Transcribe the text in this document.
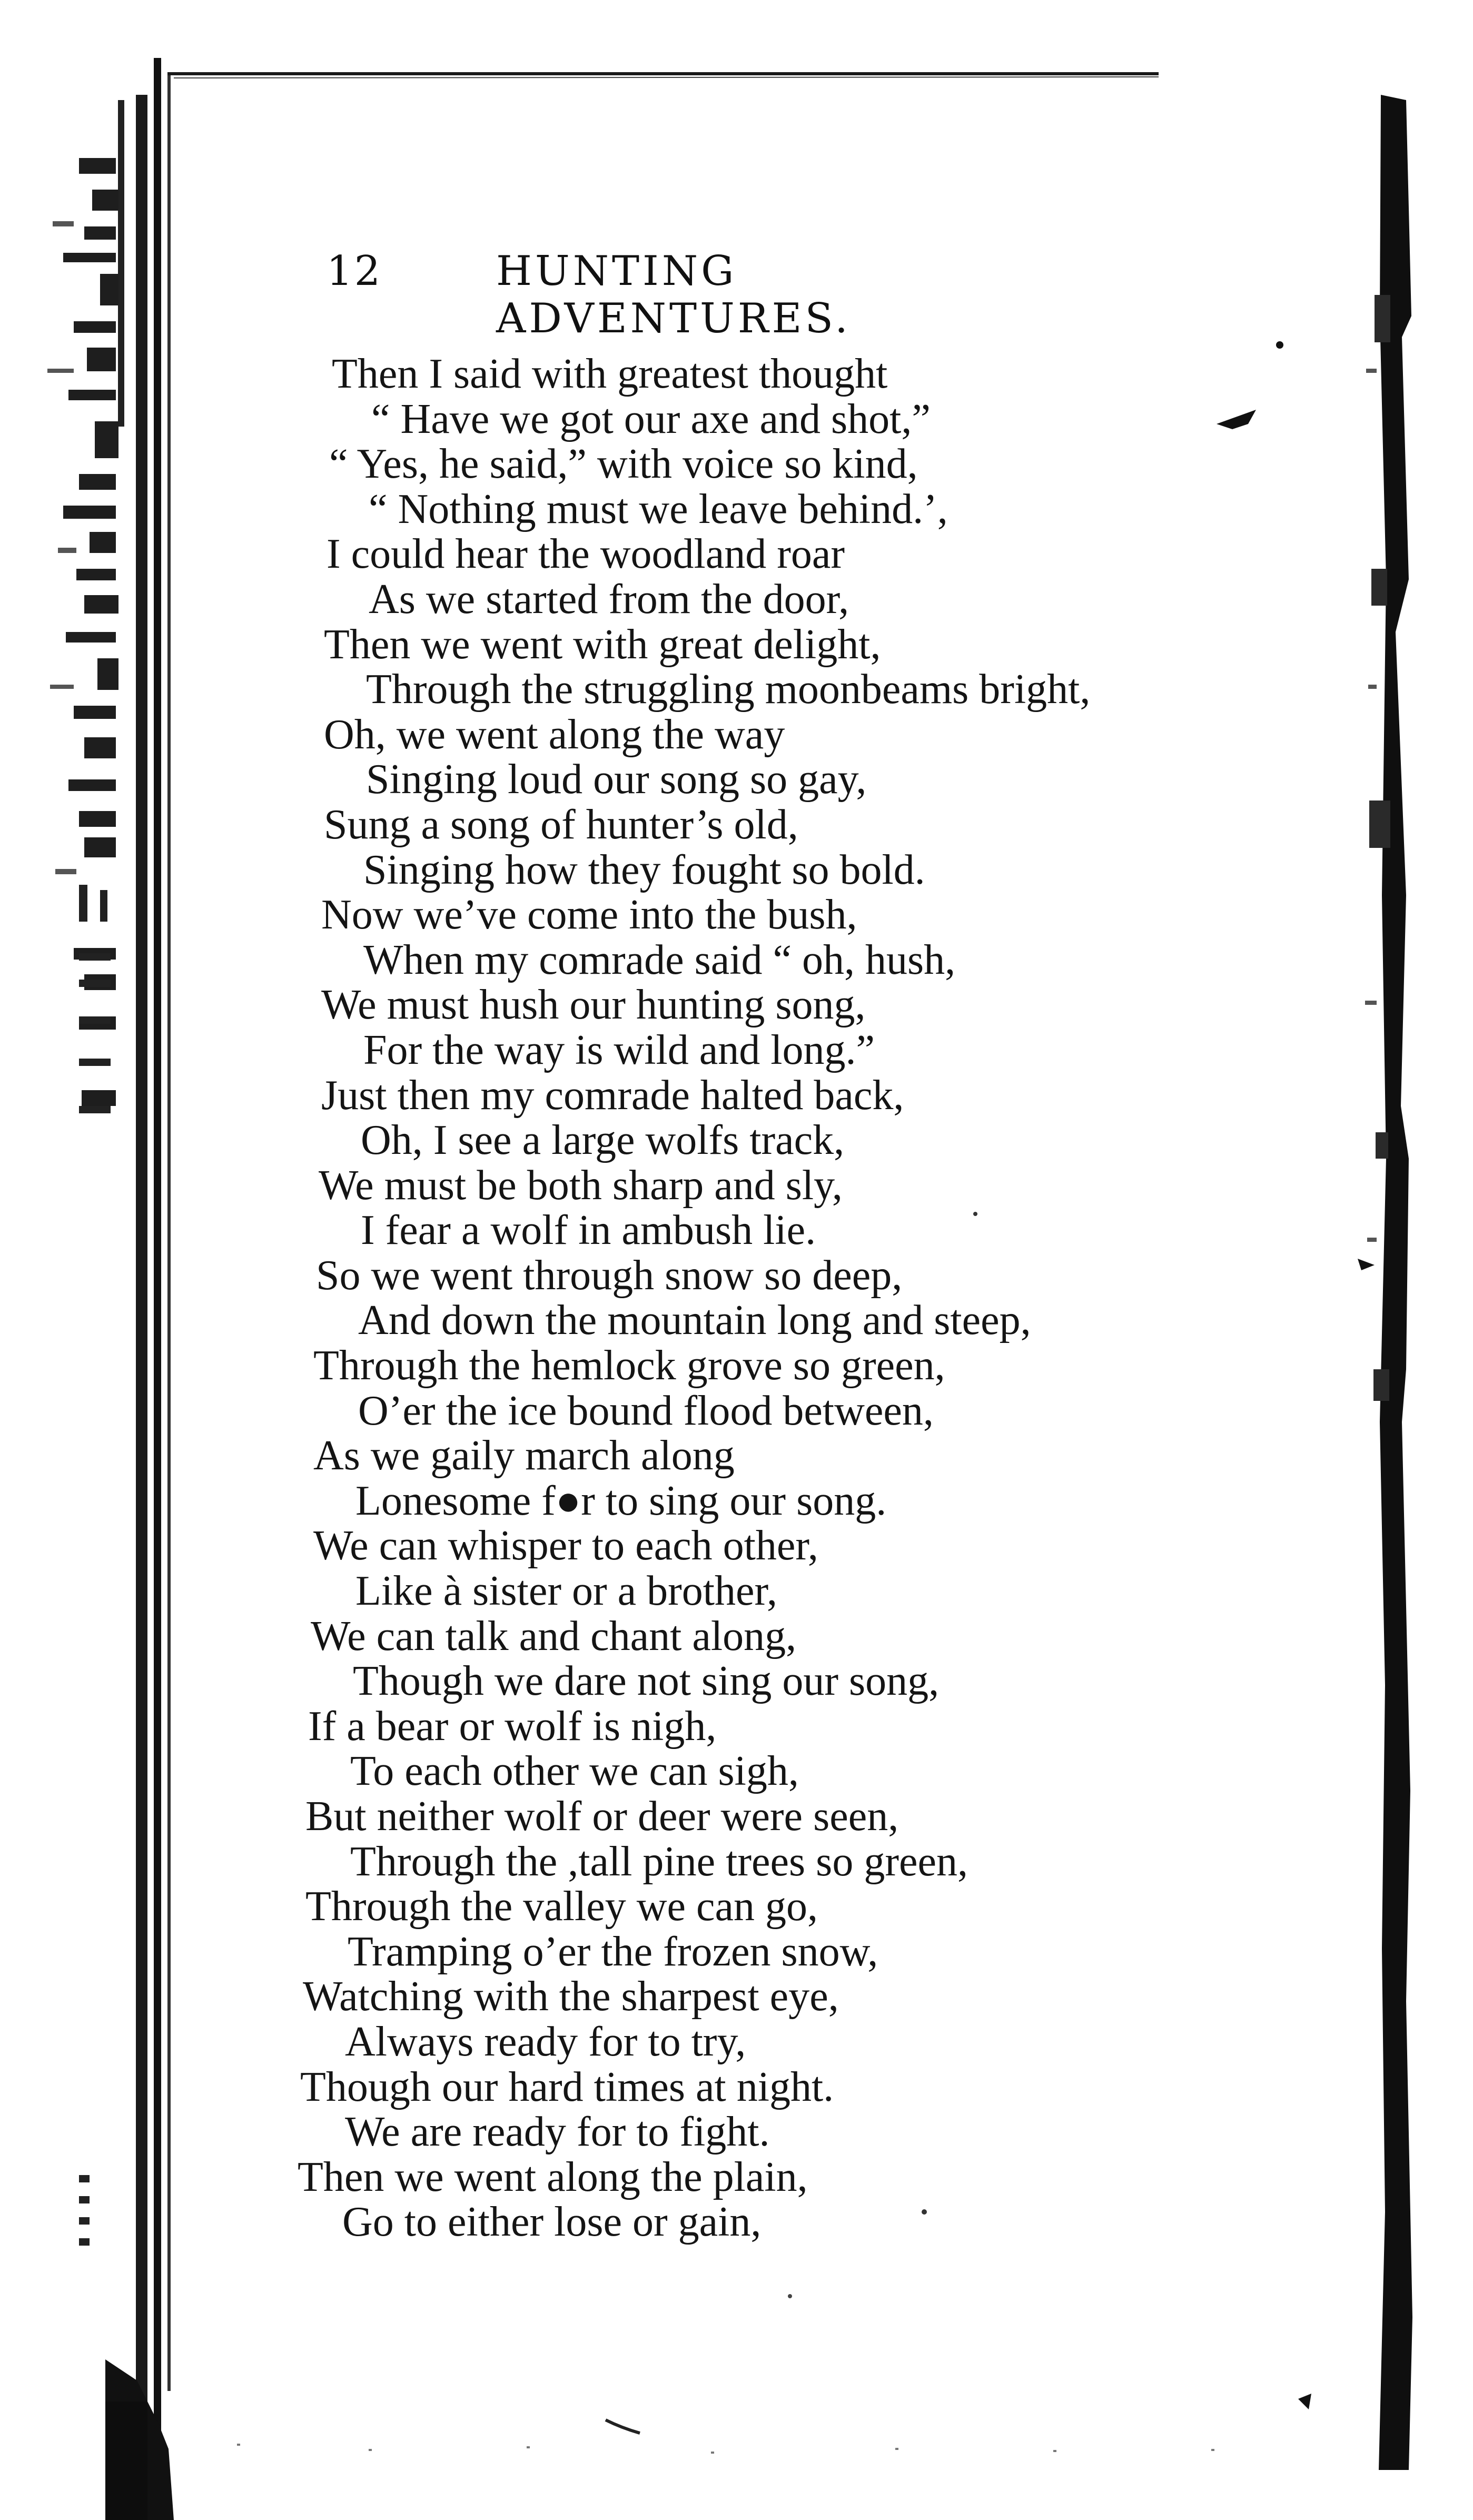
12	HUNTING ADVENTURES.
Then I said with greatest thought
“ Have we got our axe and shot,”
“ Yes, he said,” with voice so kind,
“ Nothing must we leave behind.’,
I could hear the woodland roar
As we started from the door,
Then we went with great delight,
Through the struggling moonbeams bright,
Oh, we went along the way
Singing loud our song so gay,
Sung a song of hunter’s old,
Singing how they fought so bold.
Now we’ve come into the bush,
When my comrade said “ oh, hush,
We must hush our hunting song,
For the way is wild and long.”
Just then my comrade halted back,
Oh, I see a large wolfs track,
We must be both sharp and sly,
I fear a wolf in ambush lie.
So we went through snow so deep,
And down the mountain long and steep,
Through the hemlock grove so green,
O’er the ice bound flood between,
As we gaily march along
Lonesome f●r to sing our song.
We can whisper to each other,
Like à sister or a brother,
We can talk and chant along,
Though we dare not sing our song,
If a bear or wolf is nigh,
To each other we can sigh,
But neither wolf or deer were seen,
Through the ,tall pine trees so green,
Through the valley we can go,
Tramping o’er the frozen snow,
Watching with the sharpest eye,
Always ready for to try,
Though our hard times at night.
We are ready for to fight.
Then we went along the plain,
Go to either lose or gain,
